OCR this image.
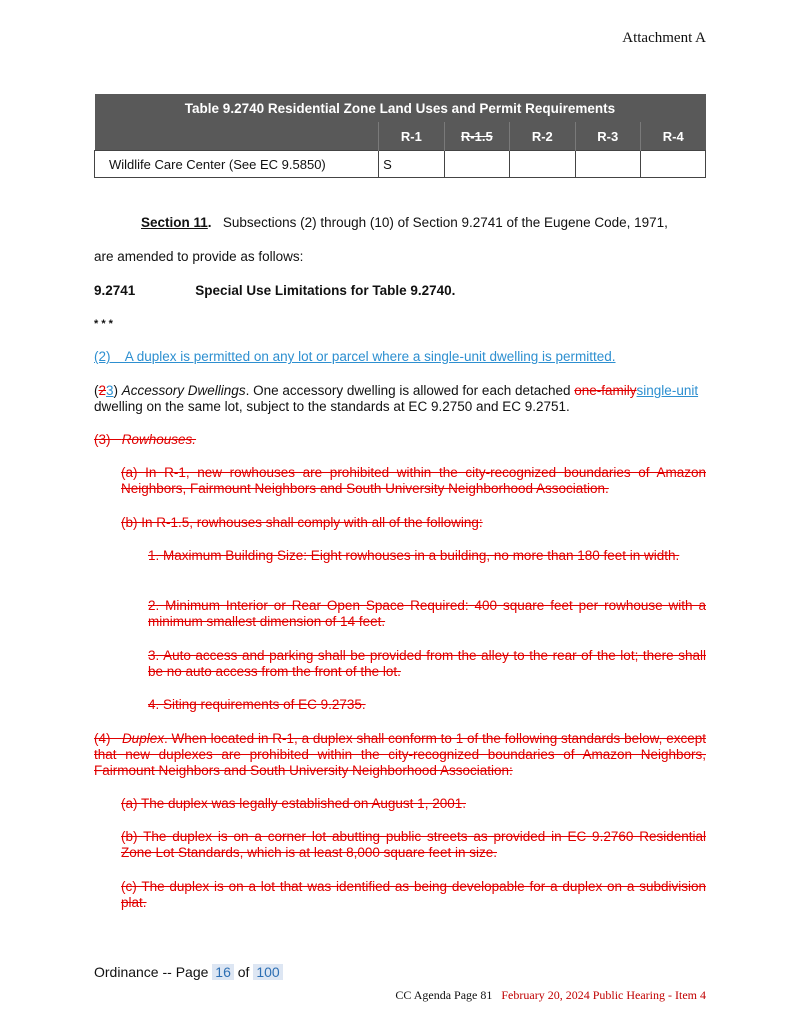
Attachment A
Table 9.2740 Residential Zone Land Uses and Permit Requirements					
	R-1	R-1.5	R-2	R-3	R-4
Wildlife Care Center (See EC 9.5850)	S				
Section 11. Subsections (2) through (10) of Section 9.2741 of the Eugene Code, 1971,
are amended to provide as follows:
9.2741	Special Use Limitations for Table 9.2740.
* * *
(2)    A duplex is permitted on any lot or parcel where a single-unit dwelling is permitted.
(23) Accessory Dwellings. One accessory dwelling is allowed for each detached one-familysingle-unit dwelling on the same lot, subject to the standards at EC 9.2750 and EC 9.2751.
(3)   Rowhouses.
(a) In R-1, new rowhouses are prohibited within the city-recognized boundaries of Amazon Neighbors, Fairmount Neighbors and South University Neighborhood Association.
(b) In R-1.5, rowhouses shall comply with all of the following:
1. Maximum Building Size: Eight rowhouses in a building, no more than 180 feet in width.
2. Minimum Interior or Rear Open Space Required: 400 square feet per rowhouse with a minimum smallest dimension of 14 feet.
3. Auto access and parking shall be provided from the alley to the rear of the lot; there shall be no auto access from the front of the lot.
4. Siting requirements of EC 9.2735.
(4)   Duplex. When located in R-1, a duplex shall conform to 1 of the following standards below, except that new duplexes are prohibited within the city-recognized boundaries of Amazon Neighbors, Fairmount Neighbors and South University Neighborhood Association:
(a) The duplex was legally established on August 1, 2001.
(b) The duplex is on a corner lot abutting public streets as provided in EC 9.2760 Residential Zone Lot Standards, which is at least 8,000 square feet in size.
(c) The duplex is on a lot that was identified as being developable for a duplex on a subdivision plat.
Ordinance -- Page 16 of 100
CC Agenda Page 81 February 20, 2024 Public Hearing - Item 4
